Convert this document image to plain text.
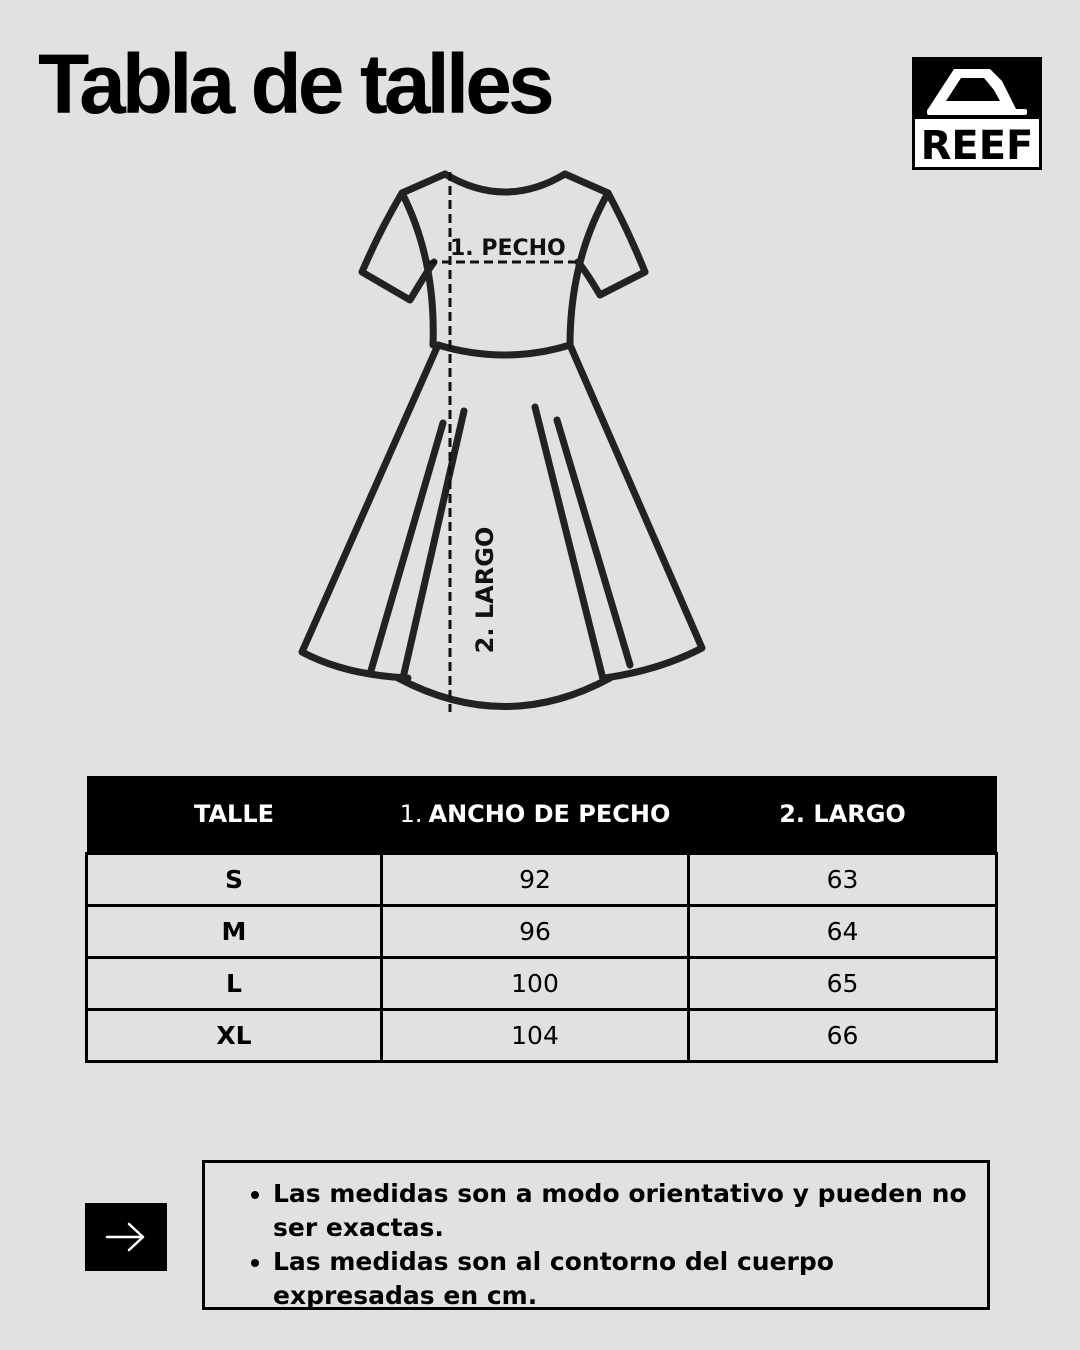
Tabla de talles
REEF
1. PECHO
2. LARGO
TALLE	1. ANCHO DE PECHO	2. LARGO
S	92	63
M	96	64
L	100	65
XL	104	66
• Las medidas son a modo orientativo y pueden no ser exactas.
• Las medidas son al contorno del cuerpo expresadas en cm.
